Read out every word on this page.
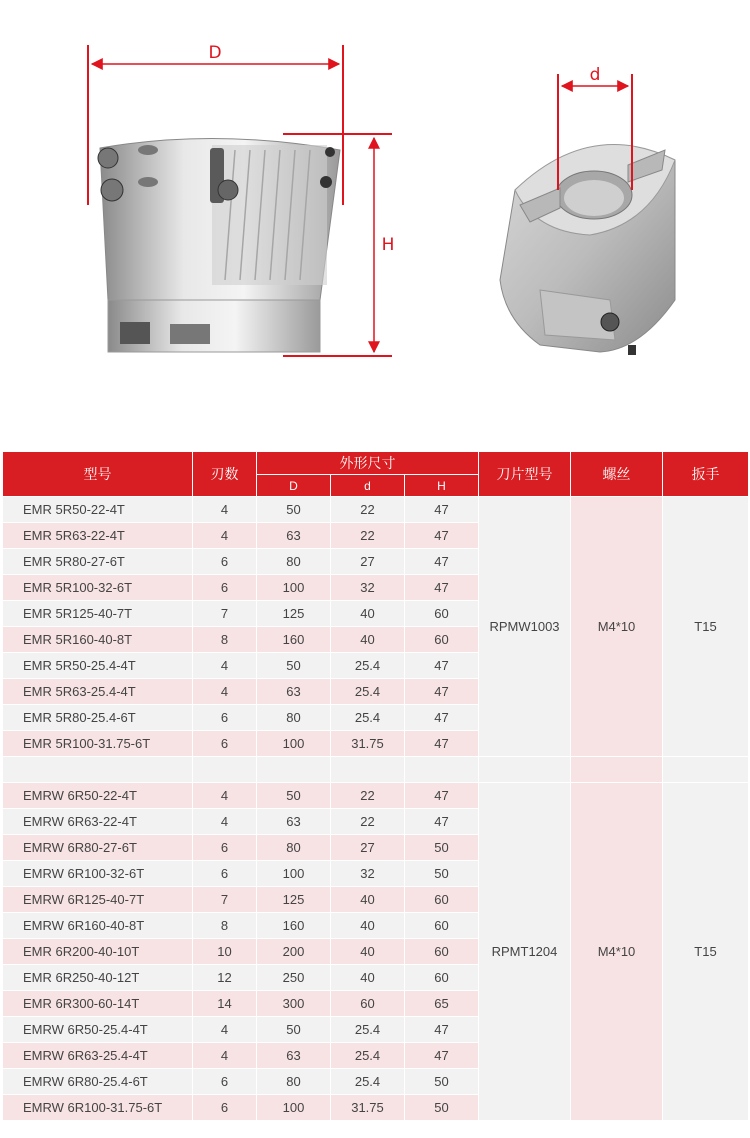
D
H
d
型号	刃数	外形尺寸			刀片型号	螺丝	扳手
		D	d	H			
EMR 5R50-22-4T	4	50	22	47	RPMW1003	M4*10	T15
EMR 5R63-22-4T	4	63	22	47			
EMR 5R80-27-6T	6	80	27	47			
EMR 5R100-32-6T	6	100	32	47			
EMR 5R125-40-7T	7	125	40	60			
EMR 5R160-40-8T	8	160	40	60			
EMR 5R50-25.4-4T	4	50	25.4	47			
EMR 5R63-25.4-4T	4	63	25.4	47			
EMR 5R80-25.4-6T	6	80	25.4	47			
EMR 5R100-31.75-6T	6	100	31.75	47			

EMRW 6R50-22-4T	4	50	22	47	RPMT1204	M4*10	T15
EMRW 6R63-22-4T	4	63	22	47			
EMRW 6R80-27-6T	6	80	27	50			
EMRW 6R100-32-6T	6	100	32	50			
EMRW 6R125-40-7T	7	125	40	60			
EMRW 6R160-40-8T	8	160	40	60			
EMR 6R200-40-10T	10	200	40	60			
EMR 6R250-40-12T	12	250	40	60			
EMR 6R300-60-14T	14	300	60	65			
EMRW 6R50-25.4-4T	4	50	25.4	47			
EMRW 6R63-25.4-4T	4	63	25.4	47			
EMRW 6R80-25.4-6T	6	80	25.4	50			
EMRW 6R100-31.75-6T	6	100	31.75	50			
